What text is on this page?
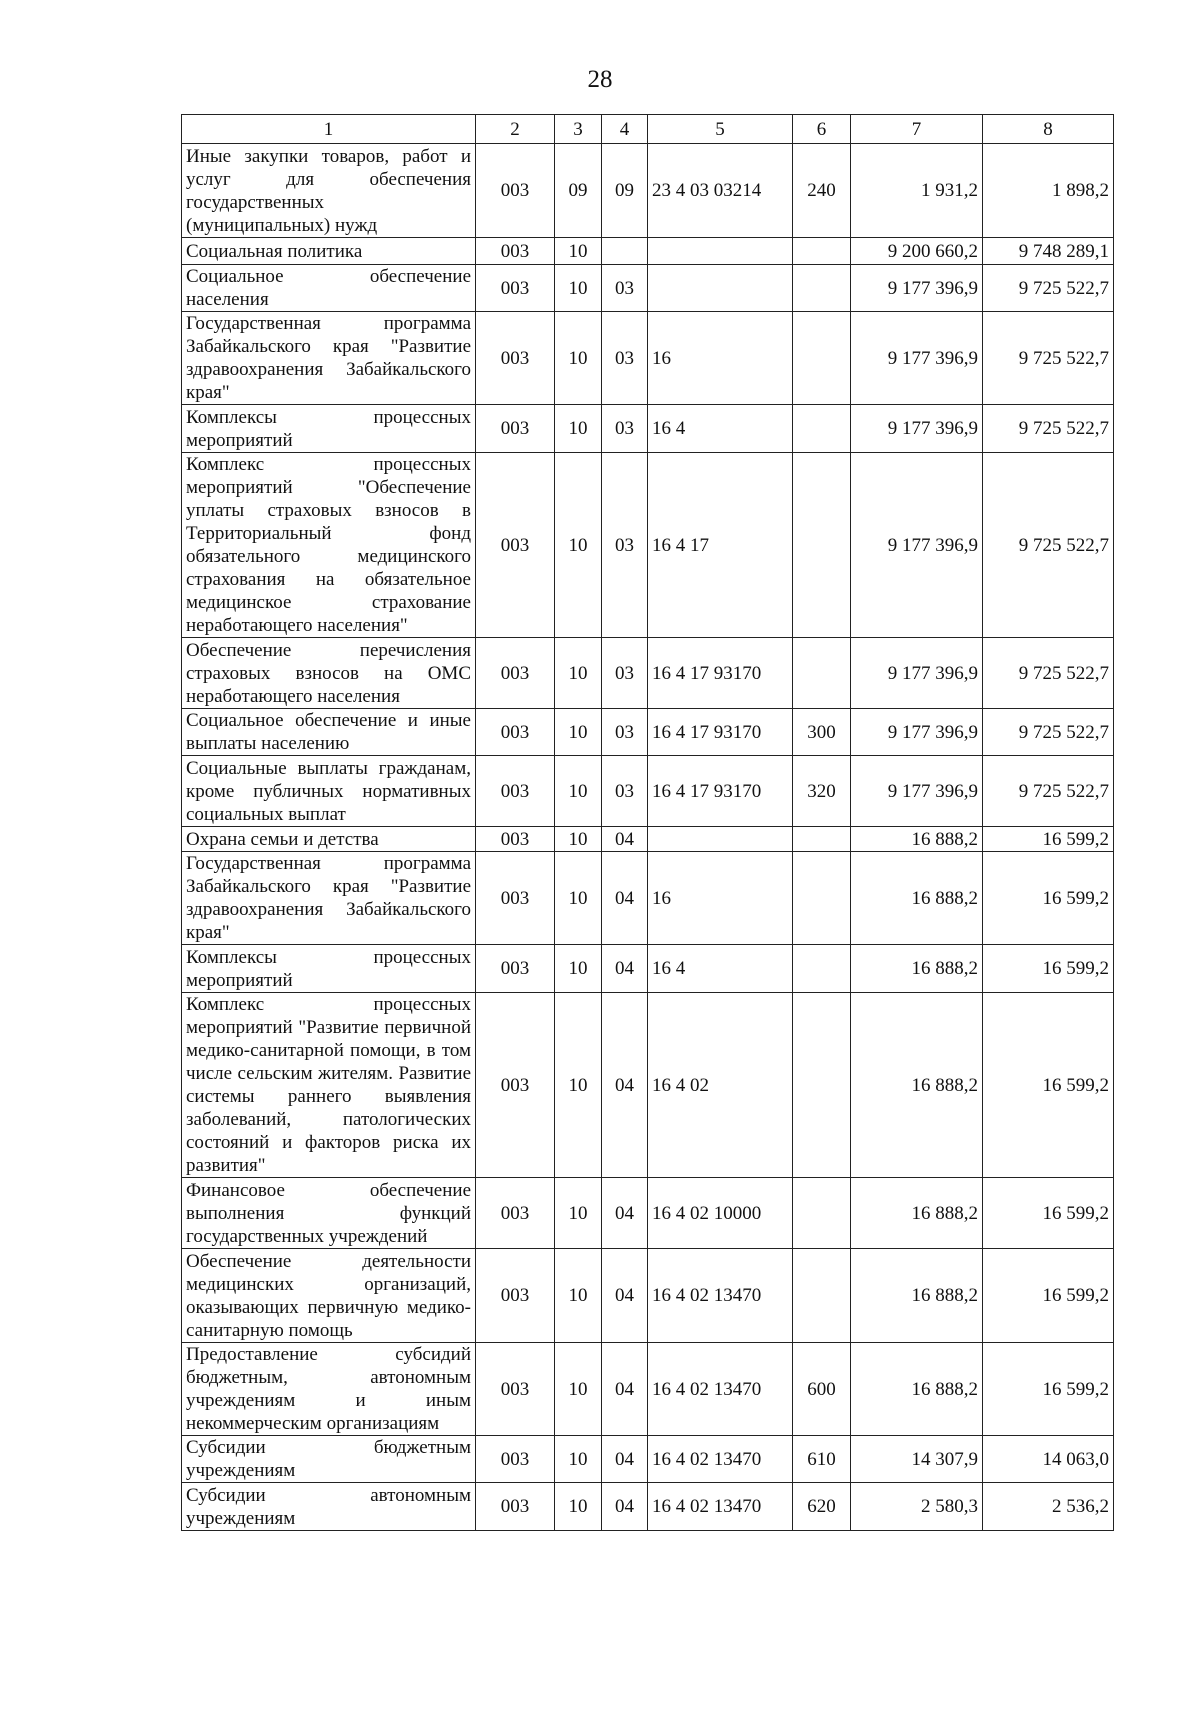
28
1	2	3	4	5	6	7	8
Иные закупки товаров, работ и услуг для обеспечения государственных (муниципальных) нужд	003	09	09	23 4 03 03214	240	1 931,2	1 898,2
Социальная политика	003	10				9 200 660,2	9 748 289,1
Социальное обеспечение населения	003	10	03			9 177 396,9	9 725 522,7
Государственная программа Забайкальского края "Развитие здравоохранения Забайкальского края"	003	10	03	16		9 177 396,9	9 725 522,7
Комплексы процессных мероприятий	003	10	03	16 4		9 177 396,9	9 725 522,7
Комплекс процессных мероприятий "Обеспечение уплаты страховых взносов в Территориальный фонд обязательного медицинского страхования на обязательное медицинское страхование неработающего населения"	003	10	03	16 4 17		9 177 396,9	9 725 522,7
Обеспечение перечисления страховых взносов на ОМС неработающего населения	003	10	03	16 4 17 93170		9 177 396,9	9 725 522,7
Социальное обеспечение и иные выплаты населению	003	10	03	16 4 17 93170	300	9 177 396,9	9 725 522,7
Социальные выплаты гражданам, кроме публичных нормативных социальных выплат	003	10	03	16 4 17 93170	320	9 177 396,9	9 725 522,7
Охрана семьи и детства	003	10	04			16 888,2	16 599,2
Государственная программа Забайкальского края "Развитие здравоохранения Забайкальского края"	003	10	04	16		16 888,2	16 599,2
Комплексы процессных мероприятий	003	10	04	16 4		16 888,2	16 599,2
Комплекс процессных мероприятий "Развитие первичной медико-санитарной помощи, в том числе сельским жителям. Развитие системы раннего выявления заболеваний, патологических состояний и факторов риска их развития"	003	10	04	16 4 02		16 888,2	16 599,2
Финансовое обеспечение выполнения функций государственных учреждений	003	10	04	16 4 02 10000		16 888,2	16 599,2
Обеспечение деятельности медицинских организаций, оказывающих первичную медико-санитарную помощь	003	10	04	16 4 02 13470		16 888,2	16 599,2
Предоставление субсидий бюджетным, автономным учреждениям и иным некоммерческим организациям	003	10	04	16 4 02 13470	600	16 888,2	16 599,2
Субсидии бюджетным учреждениям	003	10	04	16 4 02 13470	610	14 307,9	14 063,0
Субсидии автономным учреждениям	003	10	04	16 4 02 13470	620	2 580,3	2 536,2
